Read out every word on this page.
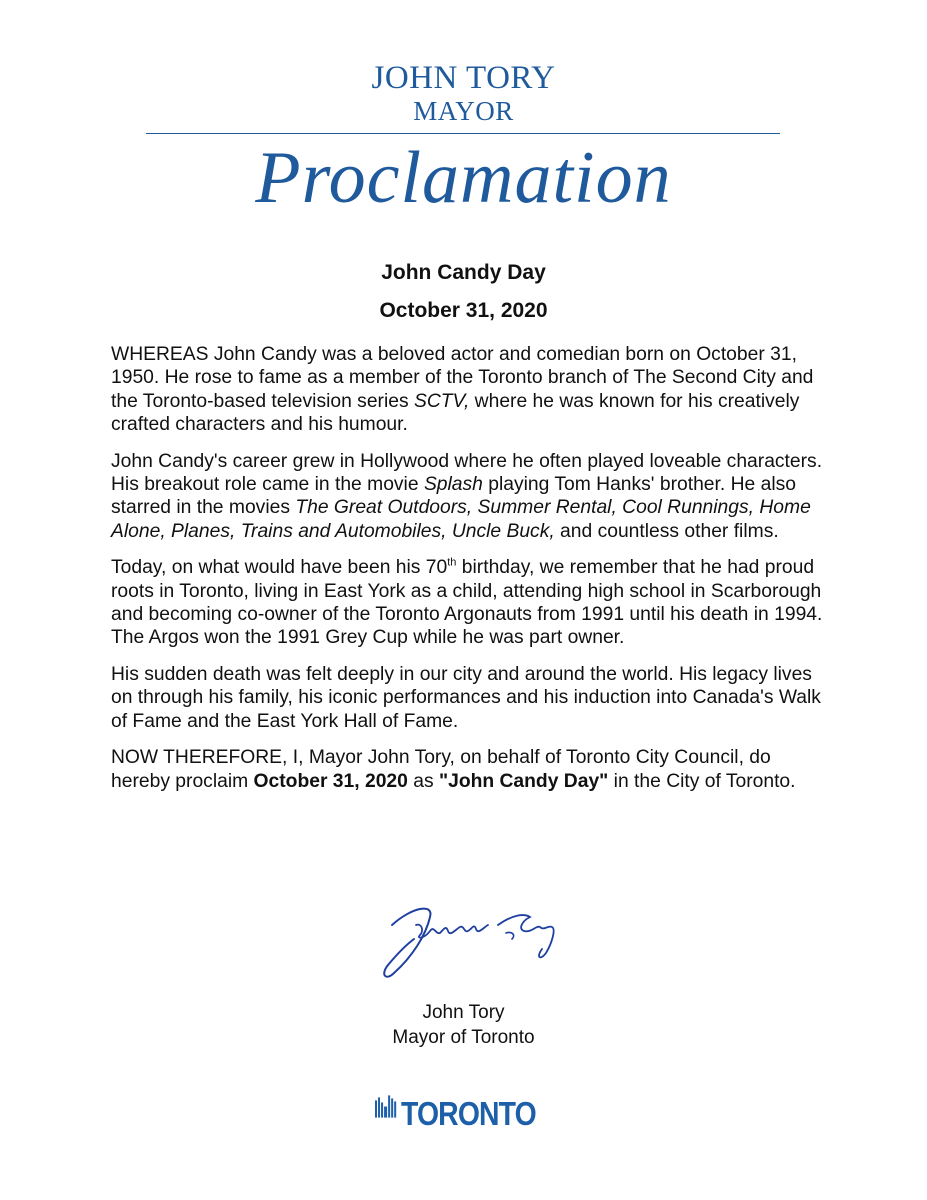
JOHN TORY
MAYOR
Proclamation
John Candy Day
October 31, 2020

WHEREAS John Candy was a beloved actor and comedian born on October 31, 1950. He rose to fame as a member of the Toronto branch of The Second City and the Toronto-based television series SCTV, where he was known for his creatively crafted characters and his humour.

John Candy's career grew in Hollywood where he often played loveable characters. His breakout role came in the movie Splash playing Tom Hanks' brother. He also starred in the movies The Great Outdoors, Summer Rental, Cool Runnings, Home Alone, Planes, Trains and Automobiles, Uncle Buck, and countless other films.

Today, on what would have been his 70th birthday, we remember that he had proud roots in Toronto, living in East York as a child, attending high school in Scarborough and becoming co-owner of the Toronto Argonauts from 1991 until his death in 1994. The Argos won the 1991 Grey Cup while he was part owner.

His sudden death was felt deeply in our city and around the world. His legacy lives on through his family, his iconic performances and his induction into Canada's Walk of Fame and the East York Hall of Fame.

NOW THEREFORE, I, Mayor John Tory, on behalf of Toronto City Council, do hereby proclaim October 31, 2020 as "John Candy Day" in the City of Toronto.

John Tory
Mayor of Toronto
TORONTO
